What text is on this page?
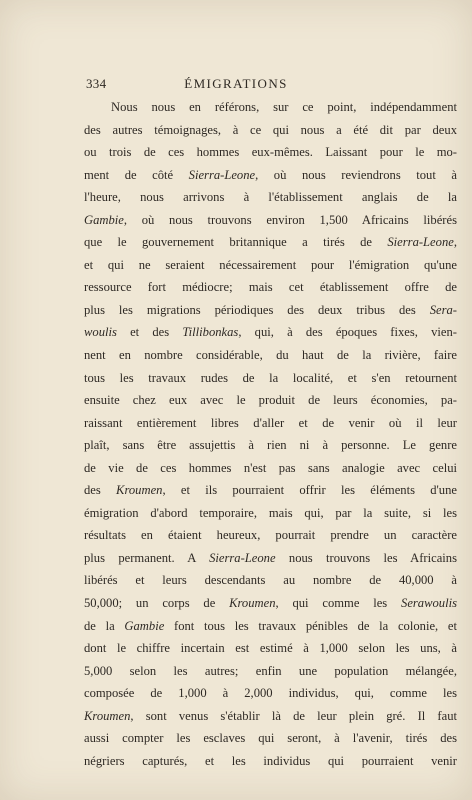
334	ÉMIGRATIONS
Nous nous en référons, sur ce point, indépendamment
des autres témoignages, à ce qui nous a été dit par deux
ou trois de ces hommes eux-mêmes. Laissant pour le mo-
ment de côté Sierra-Leone, où nous reviendrons tout à
l'heure, nous arrivons à l'établissement anglais de la
Gambie, où nous trouvons environ 1,500 Africains libérés
que le gouvernement britannique a tirés de Sierra-Leone,
et qui ne seraient nécessairement pour l'émigration qu'une
ressource fort médiocre; mais cet établissement offre de
plus les migrations périodiques des deux tribus des Sera-
woulis et des Tillibonkas, qui, à des époques fixes, vien-
nent en nombre considérable, du haut de la rivière, faire
tous les travaux rudes de la localité, et s'en retournent
ensuite chez eux avec le produit de leurs économies, pa-
raissant entièrement libres d'aller et de venir où il leur
plaît, sans être assujettis à rien ni à personne. Le genre
de vie de ces hommes n'est pas sans analogie avec celui
des Kroumen, et ils pourraient offrir les éléments d'une
émigration d'abord temporaire, mais qui, par la suite, si les
résultats en étaient heureux, pourrait prendre un caractère
plus permanent. A Sierra-Leone nous trouvons les Africains
libérés et leurs descendants au nombre de 40,000 à
50,000; un corps de Kroumen, qui comme les Serawoulis
de la Gambie font tous les travaux pénibles de la colonie, et
dont le chiffre incertain est estimé à 1,000 selon les uns, à
5,000 selon les autres; enfin une population mélangée,
composée de 1,000 à 2,000 individus, qui, comme les
Kroumen, sont venus s'établir là de leur plein gré. Il faut
aussi compter les esclaves qui seront, à l'avenir, tirés des
négriers capturés, et les individus qui pourraient venir
